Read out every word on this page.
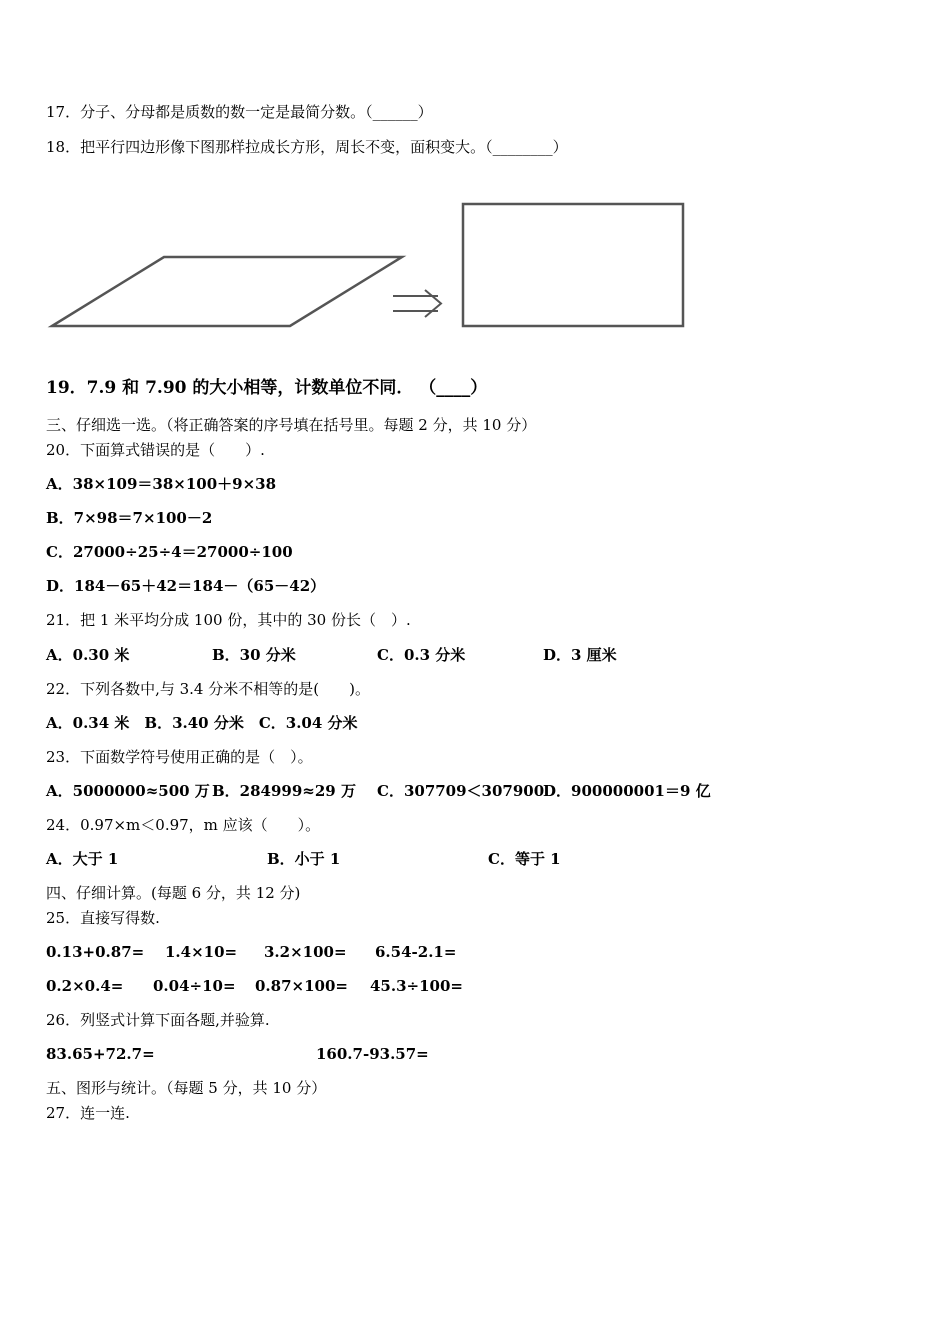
17．分子、分母都是质数的数一定是最简分数。（______）
18．把平行四边形像下图那样拉成长方形，周长不变，面积变大。（________）
19．7.9 和 7.90 的大小相等，计数单位不同． （____）
三、仔细选一选。（将正确答案的序号填在括号里。每题 2 分，共 10 分）
20．下面算式错误的是（　　）.
A．38×109＝38×100＋9×38
B．7×98＝7×100－2
C．27000÷25÷4＝27000÷100
D．184－65＋42＝184－（65－42）
21．把 1 米平均分成 100 份，其中的 30 份长（　）.
A．0.30 米	B．30 分米	C．0.3 分米	D．3 厘米
22．下列各数中,与 3.4 分米不相等的是(　　)。
A．0.34 米　B．3.40 分米　C．3.04 分米
23．下面数学符号使用正确的是（　）。
A．5000000≈500 万 B．284999≈29 万 C．307709＜307900
D．900000001＝9 亿
24．0.97×m＜0.97，m 应该（　　）。
A．大于 1	B．小于 1	C．等于 1
四、仔细计算。(每题 6 分，共 12 分)
25．直接写得数.
0.13+0.87= 1.4×10= 3.2×100= 6.54-2.1=
0.2×0.4= 0.04÷10= 0.87×100= 45.3÷100=
26．列竖式计算下面各题,并验算.
83.65+72.7=	160.7-93.57=
五、图形与统计。（每题 5 分，共 10 分）
27．连一连.
